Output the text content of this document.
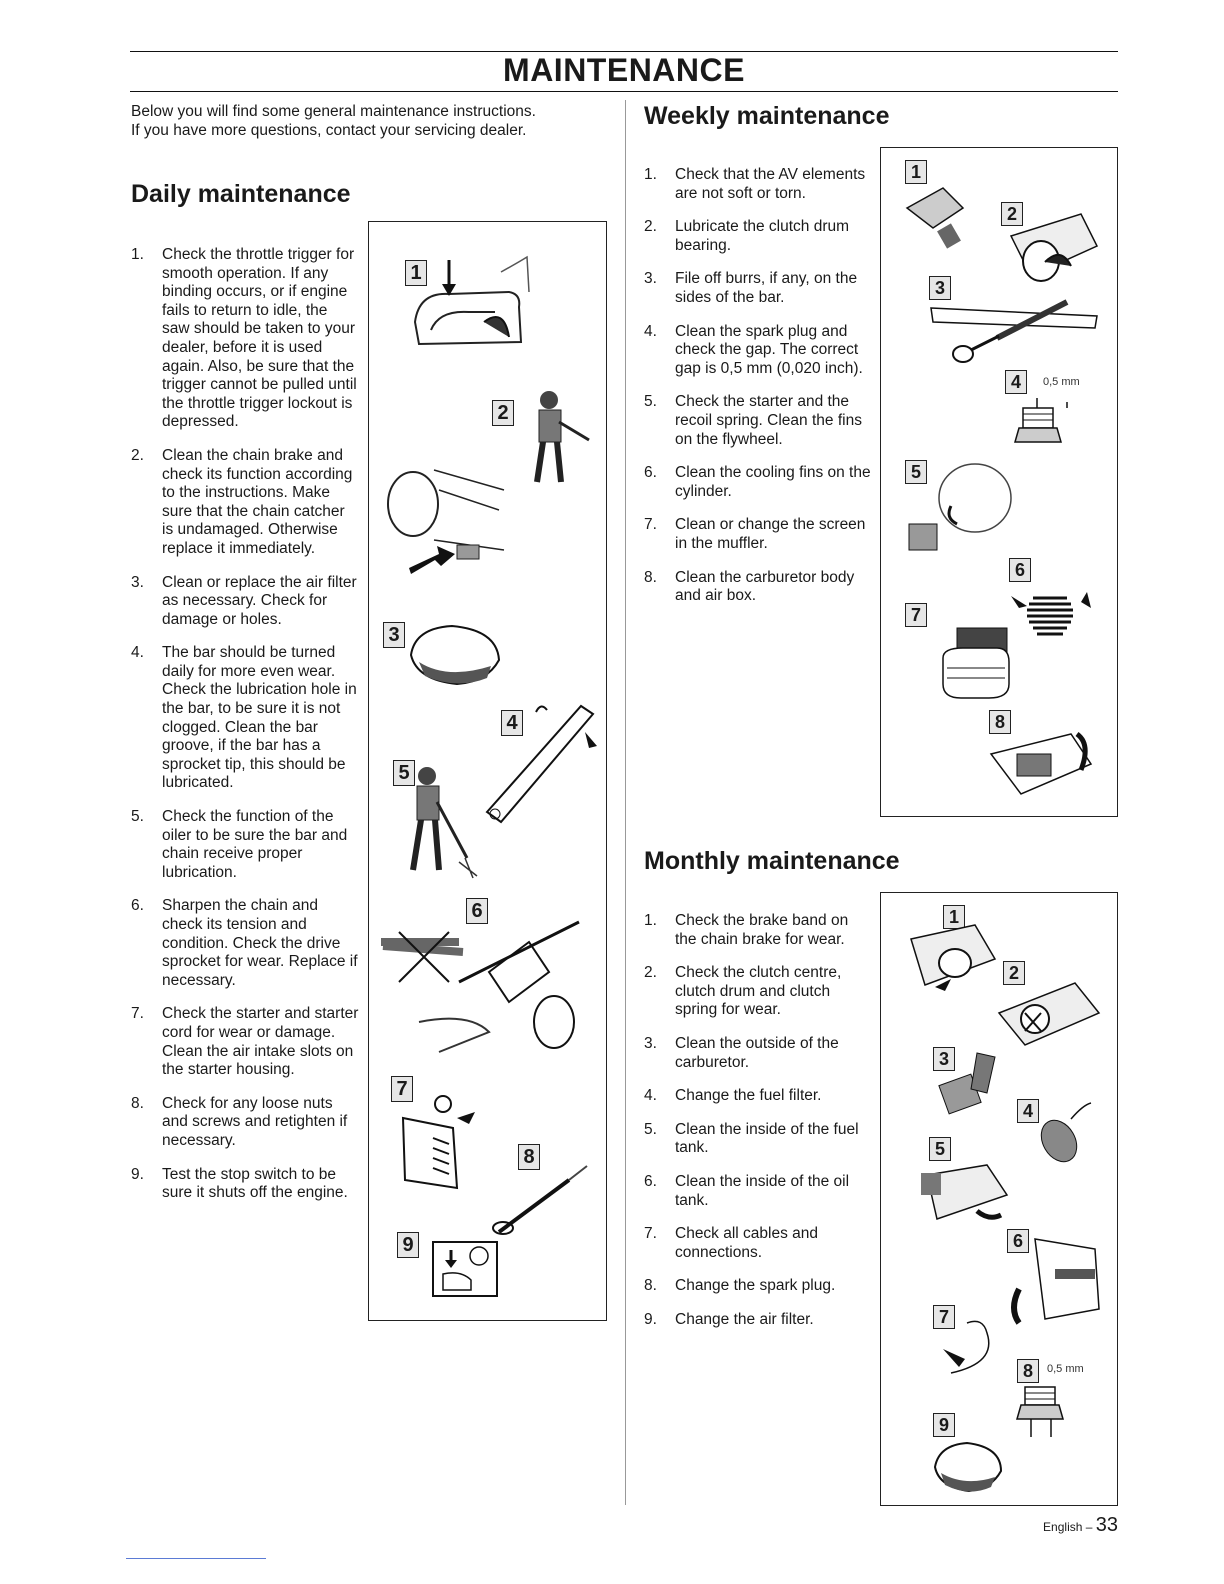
MAINTENANCE
Below you will find some general maintenance instructions.
If you have more questions, contact your servicing dealer.
Daily maintenance
1. Check the throttle trigger for smooth operation. If any binding occurs, or if engine fails to return to idle, the saw should be taken to your dealer, before it is used again. Also, be sure that the trigger cannot be pulled until the throttle trigger lockout is depressed.
2. Clean the chain brake and check its function according to the instructions. Make sure that the chain catcher is undamaged. Otherwise replace it immediately.
3. Clean or replace the air filter as necessary. Check for damage or holes.
4. The bar should be turned daily for more even wear. Check the lubrication hole in the bar, to be sure it is not clogged. Clean the bar groove, if the bar has a sprocket tip, this should be lubricated.
5. Check the function of the oiler to be sure the bar and chain receive proper lubrication.
6. Sharpen the chain and check its tension and condition. Check the drive sprocket for wear. Replace if necessary.
7. Check the starter and starter cord for wear or damage. Clean the air intake slots on the starter housing.
8. Check for any loose nuts and screws and retighten if necessary.
9. Test the stop switch to be sure it shuts off the engine.
1
2
3
4
5
6
7
8
9
Weekly maintenance
1. Check that the AV elements are not soft or torn.
2. Lubricate the clutch drum bearing.
3. File off burrs, if any, on the sides of the bar.
4. Clean the spark plug and check the gap. The correct gap is 0,5 mm (0,020 inch).
5. Check the starter and the recoil spring. Clean the fins on the flywheel.
6. Clean the cooling fins on the cylinder.
7. Clean or change the screen in the muffler.
8. Clean the carburetor body and air box.
1
2
3
4	0,5 mm
5
6
7
8
Monthly maintenance
1. Check the brake band on the chain brake for wear.
2. Check the clutch centre, clutch drum and clutch spring for wear.
3. Clean the outside of the carburetor.
4. Change the fuel filter.
5. Clean the inside of the fuel tank.
6. Clean the inside of the oil tank.
7. Check all cables and connections.
8. Change the spark plug.
9. Change the air filter.
1
2
3
4
5
6
7
8	0,5 mm
9
English – 33
